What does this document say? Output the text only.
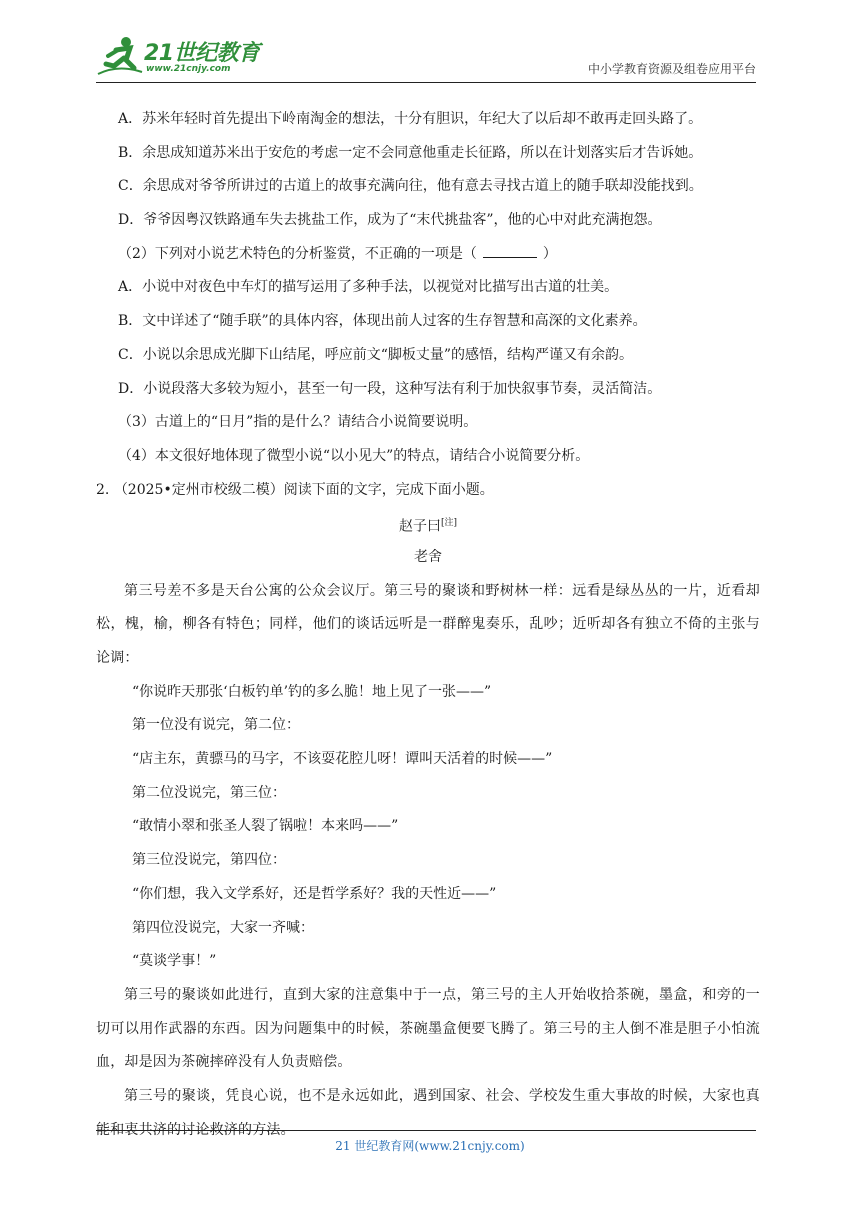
21世纪教育
www.21cnjy.com	中小学教育资源及组卷应用平台
A．苏米年轻时首先提出下岭南淘金的想法，十分有胆识，年纪大了以后却不敢再走回头路了。
B．余思成知道苏米出于安危的考虑一定不会同意他重走长征路，所以在计划落实后才告诉她。
C．余思成对爷爷所讲过的古道上的故事充满向往，他有意去寻找古道上的随手联却没能找到。
D．爷爷因粤汉铁路通车失去挑盐工作，成为了“末代挑盐客”，他的心中对此充满抱怨。
（2）下列对小说艺术特色的分析鉴赏，不正确的一项是（	）
A．小说中对夜色中车灯的描写运用了多种手法，以视觉对比描写出古道的壮美。
B．文中详述了“随手联”的具体内容，体现出前人过客的生存智慧和高深的文化素养。
C．小说以余思成光脚下山结尾，呼应前文“脚板丈量”的感悟，结构严谨又有余韵。
D．小说段落大多较为短小，甚至一句一段，这种写法有利于加快叙事节奏，灵活简洁。
（3）古道上的“日月”指的是什么？请结合小说简要说明。
（4）本文很好地体现了微型小说“以小见大”的特点，请结合小说简要分析。
2. （2025•定州市校级二模）阅读下面的文字，完成下面小题。
赵子曰[注]
老舍
第三号差不多是天台公寓的公众会议厅。第三号的聚谈和野树林一样：远看是绿丛丛的一片，近看却松，槐，榆，柳各有特色；同样，他们的谈话远听是一群醉鬼奏乐，乱吵；近听却各有独立不倚的主张与论调：
“你说昨天那张‘白板钓单’钓的多么脆！地上见了一张——”
第一位没有说完，第二位：
“店主东，黄骠马的马字，不该耍花腔儿呀！谭叫天活着的时候——”
第二位没说完，第三位：
“敢情小翠和张圣人裂了锅啦！本来吗——”
第三位没说完，第四位：
“你们想，我入文学系好，还是哲学系好？我的天性近——”
第四位没说完，大家一齐喊：
“莫谈学事！”
第三号的聚谈如此进行，直到大家的注意集中于一点，第三号的主人开始收拾茶碗，墨盒，和旁的一切可以用作武器的东西。因为问题集中的时候，茶碗墨盒便要飞腾了。第三号的主人倒不准是胆子小怕流血，却是因为茶碗摔碎没有人负责赔偿。
第三号的聚谈，凭良心说，也不是永远如此，遇到国家、社会、学校发生重大事故的时候，大家也真能和衷共济的讨论救济的方法。
21 世纪教育网(www.21cnjy.com)
